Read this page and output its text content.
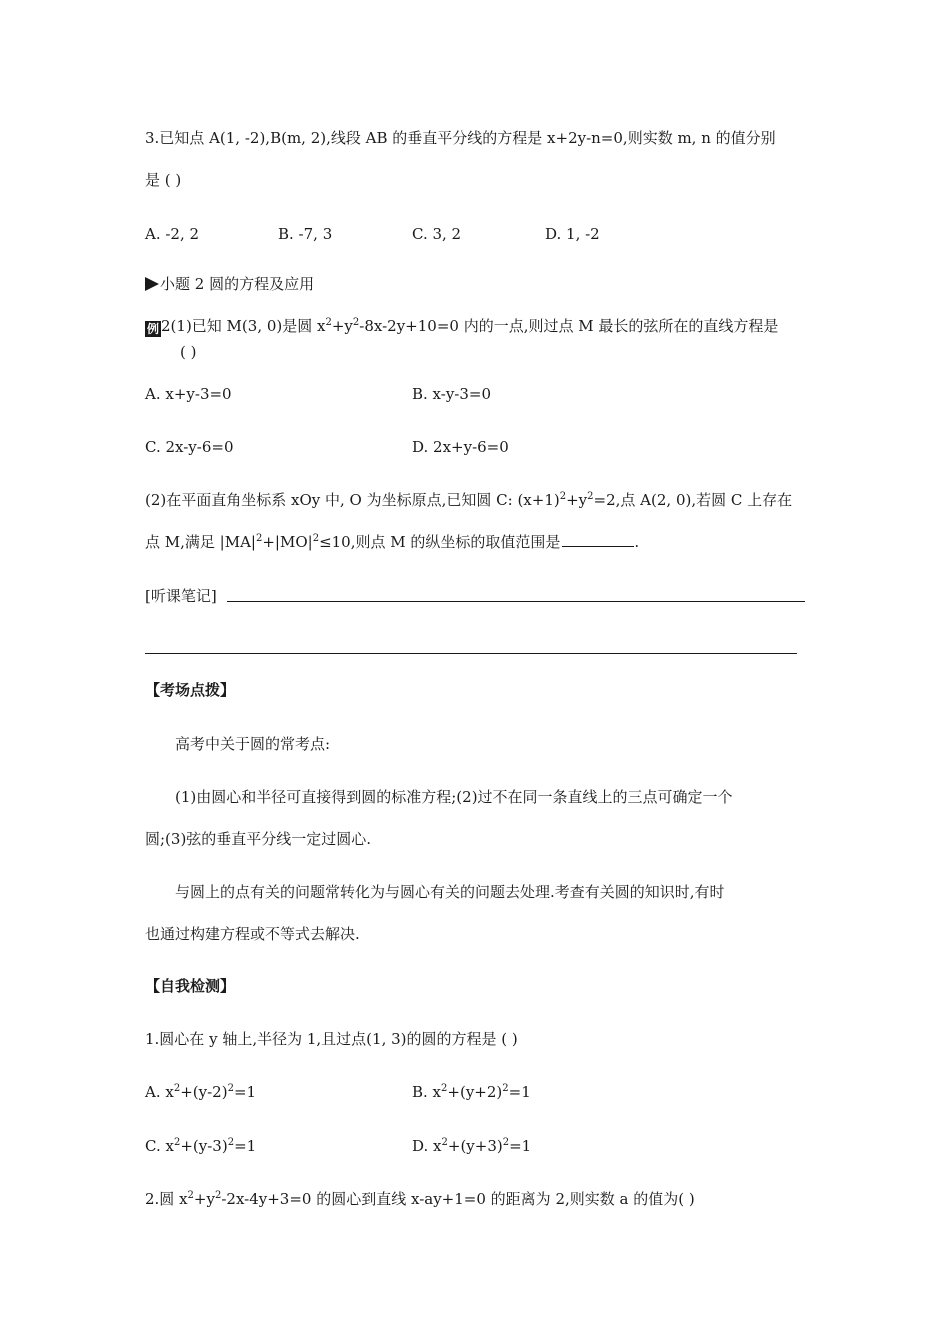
3.已知点 A(1, -2),B(m, 2),线段 AB 的垂直平分线的方程是 x+2y-n=0,则实数 m, n 的值分别
是 ( )
A. -2, 2	B. -7, 3	C. 3, 2	D. 1, -2
小题 2 圆的方程及应用
例 2(1)已知 M(3, 0)是圆 $x^2+y^2-8x-2y+10=0$ 内的一点,则过点 M 最长的弦所在的直线方程是
( )
A. x+y-3=0	B. x-y-3=0
C. 2x-y-6=0	D. 2x+y-6=0
(2)在平面直角坐标系 xOy 中, O 为坐标原点,已知圆 C: $(x+1)^2+y^2=2$,点 A(2, 0),若圆 C 上存在
点 M,满足 $|MA|^2+|MO|^2\le 10$,则点 M 的纵坐标的取值范围是	.
[听课笔记]
【考场点拨】
高考中关于圆的常考点:
(1)由圆心和半径可直接得到圆的标准方程;(2)过不在同一条直线上的三点可确定一个
圆;(3)弦的垂直平分线一定过圆心.
与圆上的点有关的问题常转化为与圆心有关的问题去处理.考查有关圆的知识时,有时
也通过构建方程或不等式去解决.
【自我检测】
1.圆心在 y 轴上,半径为 1,且过点(1, 3)的圆的方程是 ( )
A. $x^2+(y-2)^2=1$	B. $x^2+(y+2)^2=1$
C. $x^2+(y-3)^2=1$	D. $x^2+(y+3)^2=1$
2.圆 $x^2+y^2-2x-4y+3=0$ 的圆心到直线 x-ay+1=0 的距离为 2,则实数 a 的值为( )
